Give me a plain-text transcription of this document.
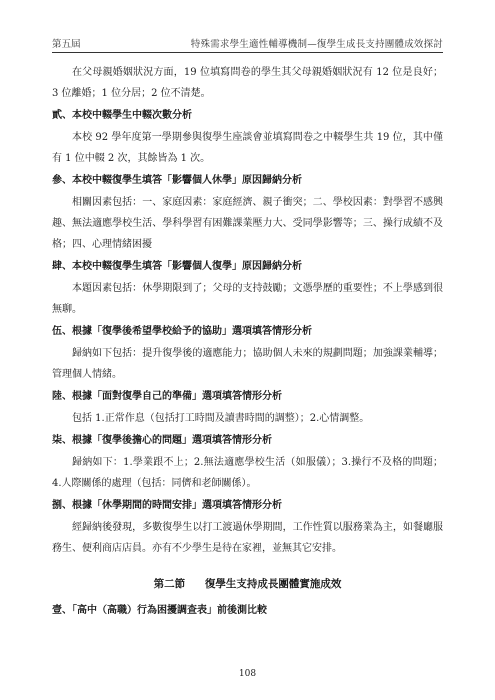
第五屆	特殊需求學生適性輔導機制—復學生成長支持團體成效探討

在父母親婚姻狀況方面，19 位填寫問卷的學生其父母親婚姻狀況有 12 位是良好；3 位離婚；1 位分居；2 位不清楚。

貳、本校中輟學生中輟次數分析

本校 92 學年度第一學期參與復學生座談會並填寫問卷之中輟學生共 19 位，其中僅有 1 位中輟 2 次，其餘皆為 1 次。

參、本校中輟復學生填答「影響個人休學」原因歸納分析

相關因素包括：一、家庭因素：家庭經濟、親子衝突；二、學校因素：對學習不感興趣、無法適應學校生活、學科學習有困難課業壓力大、受同學影響等；三、操行成績不及格；四、心理情緒困擾

肆、本校中輟復學生填答「影響個人復學」原因歸納分析

本題因素包括：休學期限到了；父母的支持鼓勵；文憑學歷的重要性；不上學感到很無聊。

伍、根據「復學後希望學校給予的協助」選項填答情形分析

歸納如下包括：提升復學後的適應能力；協助個人未來的規劃問題；加強課業輔導；管理個人情緒。

陸、根據「面對復學自己的準備」選項填答情形分析

包括 1.正常作息（包括打工時間及讀書時間的調整）；2.心情調整。

柒、根據「復學後擔心的問題」選項填答情形分析

歸納如下：1.學業跟不上；2.無法適應學校生活（如服儀）；3.操行不及格的問題；4.人際關係的處理（包括：同儕和老師關係）。

捌、根據「休學期間的時間安排」選項填答情形分析

經歸納後發現，多數復學生以打工渡過休學期間，工作性質以服務業為主，如餐廳服務生、便利商店店員。亦有不少學生是待在家裡，並無其它安排。

第二節 復學生支持成長團體實施成效

壹、「高中（高職）行為困擾調查表」前後測比較

108
